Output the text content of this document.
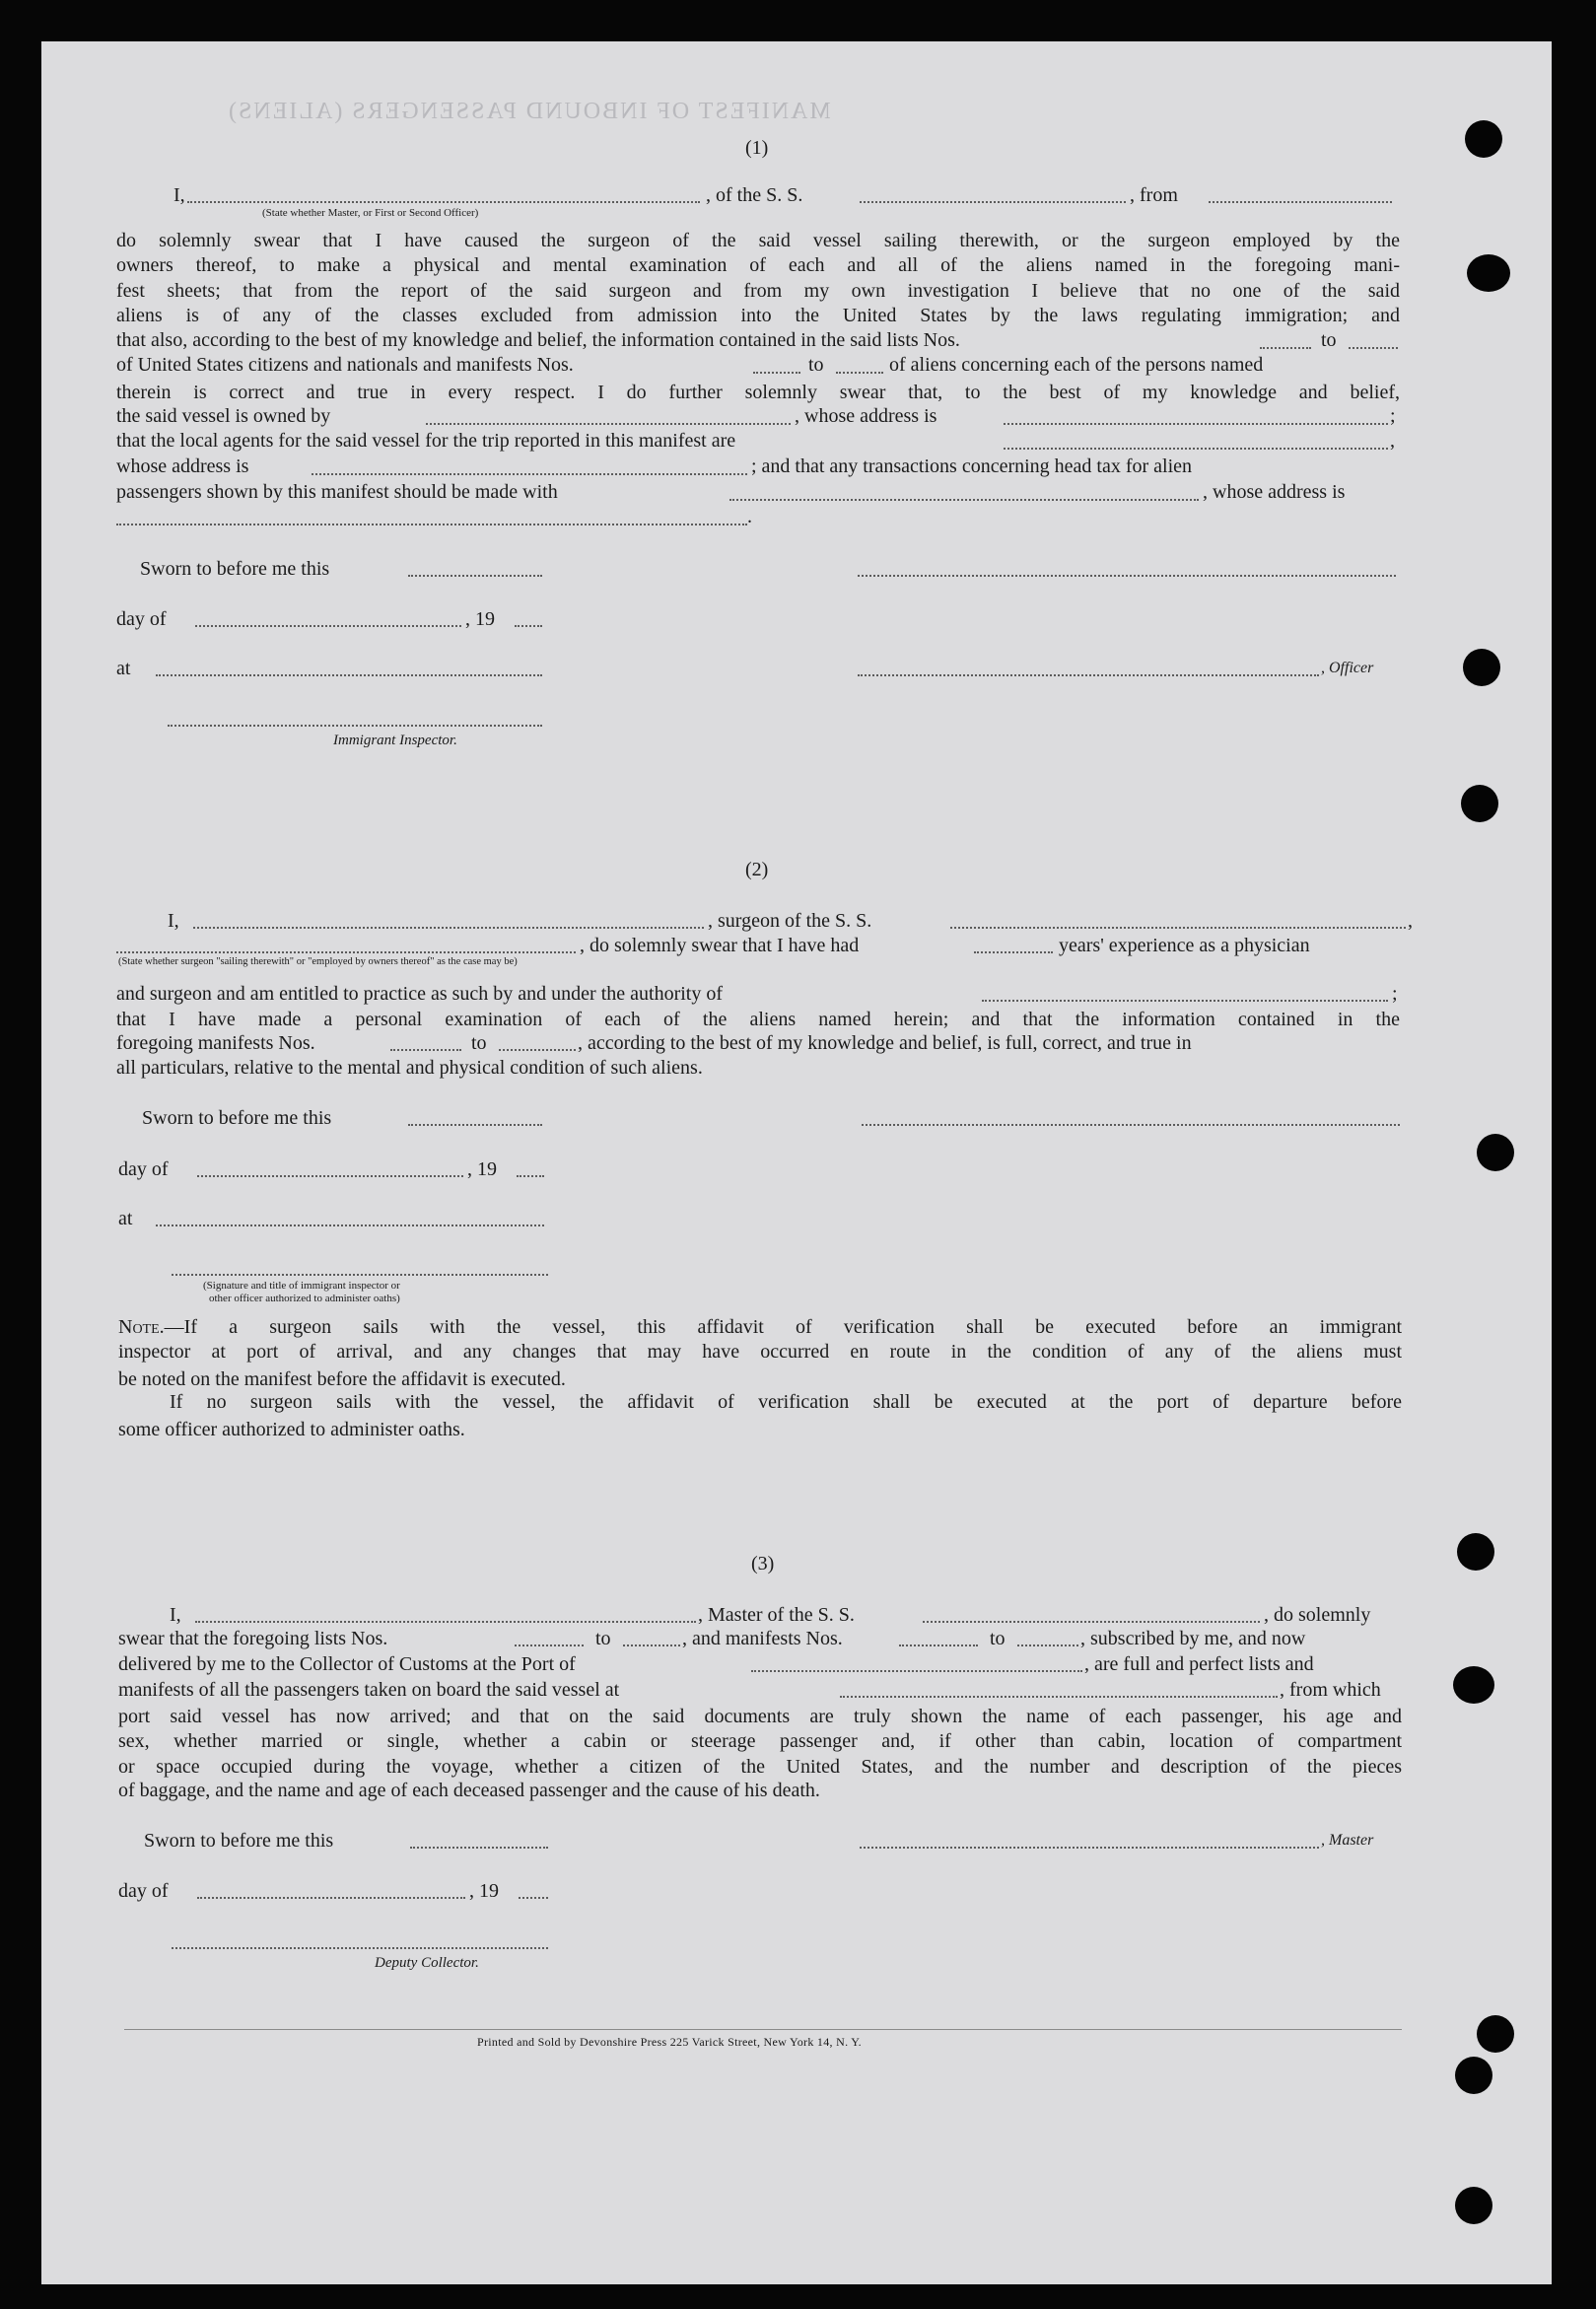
MANIFEST OF INBOUND PASSENGERS (ALIENS)
(1)
I,	, of the S. S.	, from
(State whether Master, or First or Second Officer)
do solemnly swear that I have caused the surgeon of the said vessel sailing therewith, or the surgeon employed by the
owners thereof, to make a physical and mental examination of each and all of the aliens named in the foregoing mani-
fest sheets; that from the report of the said surgeon and from my own investigation I believe that no one of the said
aliens is of any of the classes excluded from admission into the United States by the laws regulating immigration; and
that also, according to the best of my knowledge and belief, the information contained in the said lists Nos.	to
of United States citizens and nationals and manifests Nos.	to	of aliens concerning each of the persons named
therein is correct and true in every respect. I do further solemnly swear that, to the best of my knowledge and belief,
the said vessel is owned by	, whose address is	;
that the local agents for the said vessel for the trip reported in this manifest are	,
whose address is	; and that any transactions concerning head tax for alien
passengers shown by this manifest should be made with	, whose address is
.
Sworn to before me this
day of	, 19
at	, Officer
Immigrant Inspector.
(2)
I,	, surgeon of the S. S.	,
, do solemnly swear that I have had	years' experience as a physician
(State whether surgeon "sailing therewith" or "employed by owners thereof" as the case may be)
and surgeon and am entitled to practice as such by and under the authority of	;
that I have made a personal examination of each of the aliens named herein; and that the information contained in the
foregoing manifests Nos.	to	, according to the best of my knowledge and belief, is full, correct, and true in
all particulars, relative to the mental and physical condition of such aliens.
Sworn to before me this
day of	, 19
at
(Signature and title of immigrant inspector or
other officer authorized to administer oaths)
Note.—If a surgeon sails with the vessel, this affidavit of verification shall be executed before an immigrant
inspector at port of arrival, and any changes that may have occurred en route in the condition of any of the aliens must
be noted on the manifest before the affidavit is executed.
If no surgeon sails with the vessel, the affidavit of verification shall be executed at the port of departure before
some officer authorized to administer oaths.
(3)
I,	, Master of the S. S.	, do solemnly
swear that the foregoing lists Nos.	to	, and manifests Nos.	to	, subscribed by me, and now
delivered by me to the Collector of Customs at the Port of	, are full and perfect lists and
manifests of all the passengers taken on board the said vessel at	, from which
port said vessel has now arrived; and that on the said documents are truly shown the name of each passenger, his age and
sex, whether married or single, whether a cabin or steerage passenger and, if other than cabin, location of compartment
or space occupied during the voyage, whether a citizen of the United States, and the number and description of the pieces
of baggage, and the name and age of each deceased passenger and the cause of his death.
Sworn to before me this	, Master
day of	, 19
Deputy Collector.
Printed and Sold by Devonshire Press 225 Varick Street, New York 14, N. Y.
